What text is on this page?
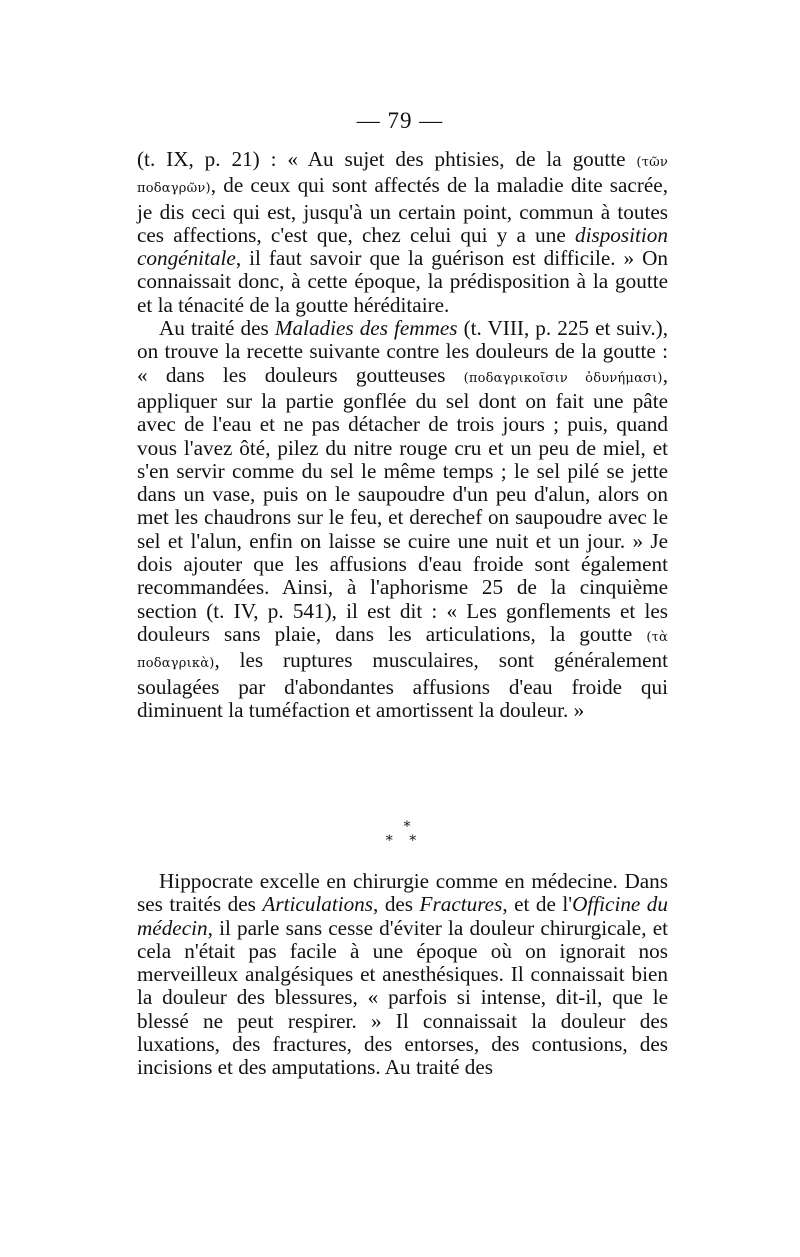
— 79 —

(t. IX, p. 21) : « Au sujet des phtisies, de la goutte (τῶν ποδαγρῶν), de ceux qui sont affectés de la maladie dite sacrée, je dis ceci qui est, jusqu'à un certain point, commun à toutes ces affections, c'est que, chez celui qui y a une disposition congénitale, il faut savoir que la guérison est difficile. » On connaissait donc, à cette époque, la prédisposition à la goutte et la ténacité de la goutte héréditaire.

Au traité des Maladies des femmes (t. VIII, p. 225 et suiv.), on trouve la recette suivante contre les douleurs de la goutte : « dans les douleurs goutteuses (ποδαγρικοῖσιν ὀδυνήμασι), appliquer sur la partie gonflée du sel dont on fait une pâte avec de l'eau et ne pas détacher de trois jours ; puis, quand vous l'avez ôté, pilez du nitre rouge cru et un peu de miel, et s'en servir comme du sel le même temps ; le sel pilé se jette dans un vase, puis on le saupoudre d'un peu d'alun, alors on met les chaudrons sur le feu, et derechef on saupoudre avec le sel et l'alun, enfin on laisse se cuire une nuit et un jour. » Je dois ajouter que les affusions d'eau froide sont également recommandées. Ainsi, à l'aphorisme 25 de la cinquième section (t. IV, p. 541), il est dit : « Les gonflements et les douleurs sans plaie, dans les articulations, la goutte (τὰ ποδαγρικὰ), les ruptures musculaires, sont généralement soulagées par d'abondantes affusions d'eau froide qui diminuent la tuméfaction et amortissent la douleur. »

*
* *

Hippocrate excelle en chirurgie comme en médecine. Dans ses traités des Articulations, des Fractures, et de l'Officine du médecin, il parle sans cesse d'éviter la douleur chirurgicale, et cela n'était pas facile à une époque où on ignorait nos merveilleux analgésiques et anesthésiques. Il connaissait bien la douleur des blessures, « parfois si intense, dit-il, que le blessé ne peut respirer. » Il connaissait la douleur des luxations, des fractures, des entorses, des contusions, des incisions et des amputations. Au traité des
